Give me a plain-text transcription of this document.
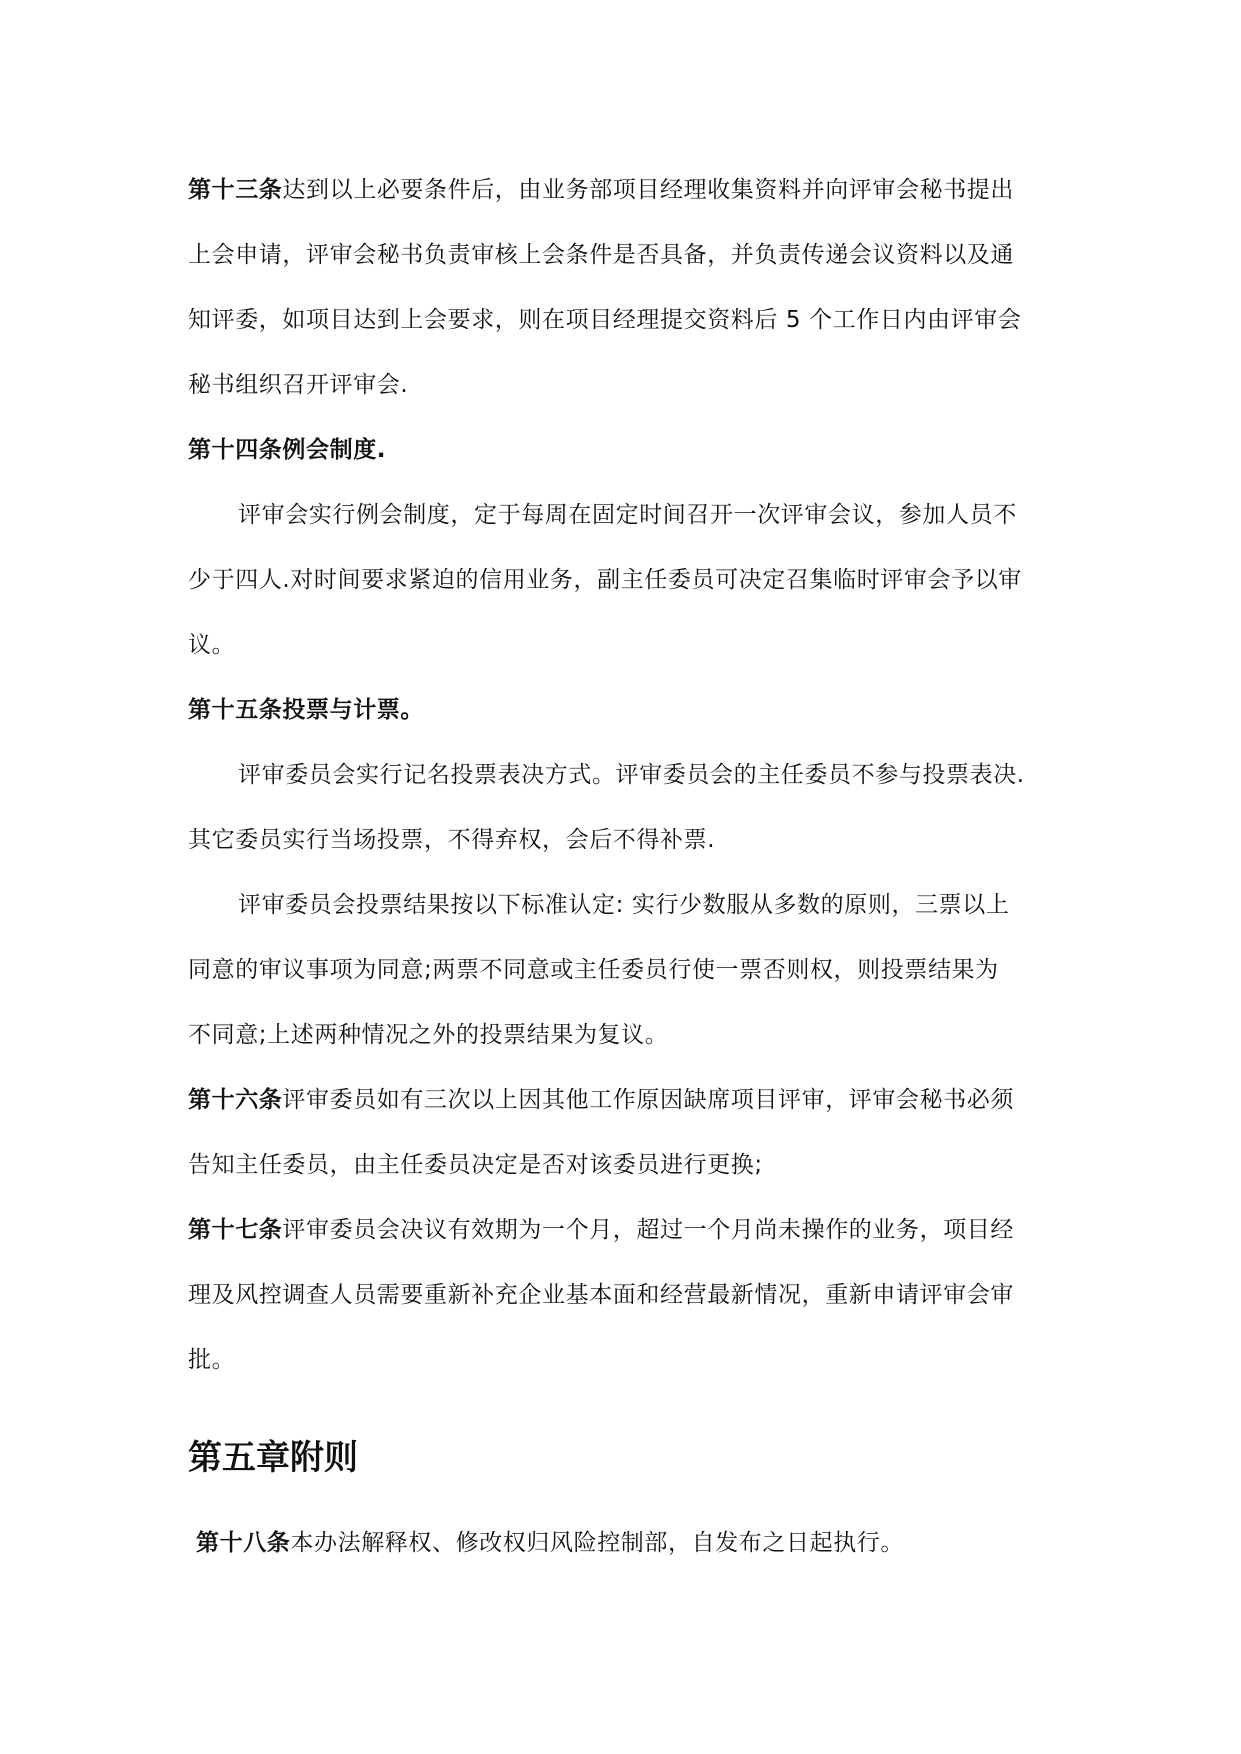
第十三条达到以上必要条件后，由业务部项目经理收集资料并向评审会秘书提出
上会申请，评审会秘书负责审核上会条件是否具备，并负责传递会议资料以及通
知评委，如项目达到上会要求，则在项目经理提交资料后 5 个工作日内由评审会
秘书组织召开评审会.
第十四条例会制度.
评审会实行例会制度，定于每周在固定时间召开一次评审会议，参加人员不
少于四人.对时间要求紧迫的信用业务，副主任委员可决定召集临时评审会予以审
议。
第十五条投票与计票。
评审委员会实行记名投票表决方式。评审委员会的主任委员不参与投票表决.
其它委员实行当场投票，不得弃权，会后不得补票.
评审委员会投票结果按以下标准认定: 实行少数服从多数的原则，三票以上
同意的审议事项为同意;两票不同意或主任委员行使一票否则权，则投票结果为
不同意;上述两种情况之外的投票结果为复议。
第十六条评审委员如有三次以上因其他工作原因缺席项目评审，评审会秘书必须
告知主任委员，由主任委员决定是否对该委员进行更换;
第十七条评审委员会决议有效期为一个月，超过一个月尚未操作的业务，项目经
理及风控调查人员需要重新补充企业基本面和经营最新情况，重新申请评审会审
批。
第五章附则
第十八条本办法解释权、修改权归风险控制部，自发布之日起执行。
